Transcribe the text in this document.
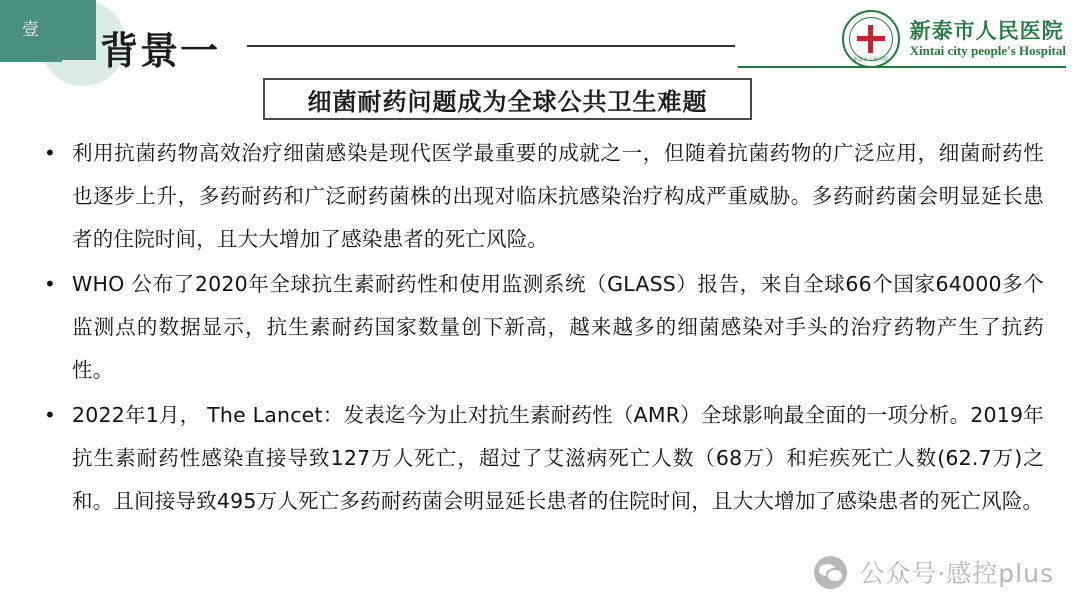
壹 背景一	新泰市人民医院
新泰市人民医院
Xintai city people's Hospital
细菌耐药问题成为全球公共卫生难题
• 利用抗菌药物高效治疗细菌感染是现代医学最重要的成就之一，但随着抗菌药物的广泛应用，细菌耐药性也逐步上升，多药耐药和广泛耐药菌株的出现对临床抗感染治疗构成严重威胁。多药耐药菌会明显延长患者的住院时间，且大大增加了感染患者的死亡风险。
• WHO 公布了2020年全球抗生素耐药性和使用监测系统（GLASS）报告，来自全球66个国家64000多个监测点的数据显示，抗生素耐药国家数量创下新高，越来越多的细菌感染对手头的治疗药物产生了抗药性。
• 2022年1月， The Lancet：发表迄今为止对抗生素耐药性（AMR）全球影响最全面的一项分析。2019年抗生素耐药性感染直接导致127万人死亡，超过了艾滋病死亡人数（68万）和疟疾死亡人数(62.7万)之和。且间接导致495万人死亡多药耐药菌会明显延长患者的住院时间，且大大增加了感染患者的死亡风险。
公众号·感控plus
